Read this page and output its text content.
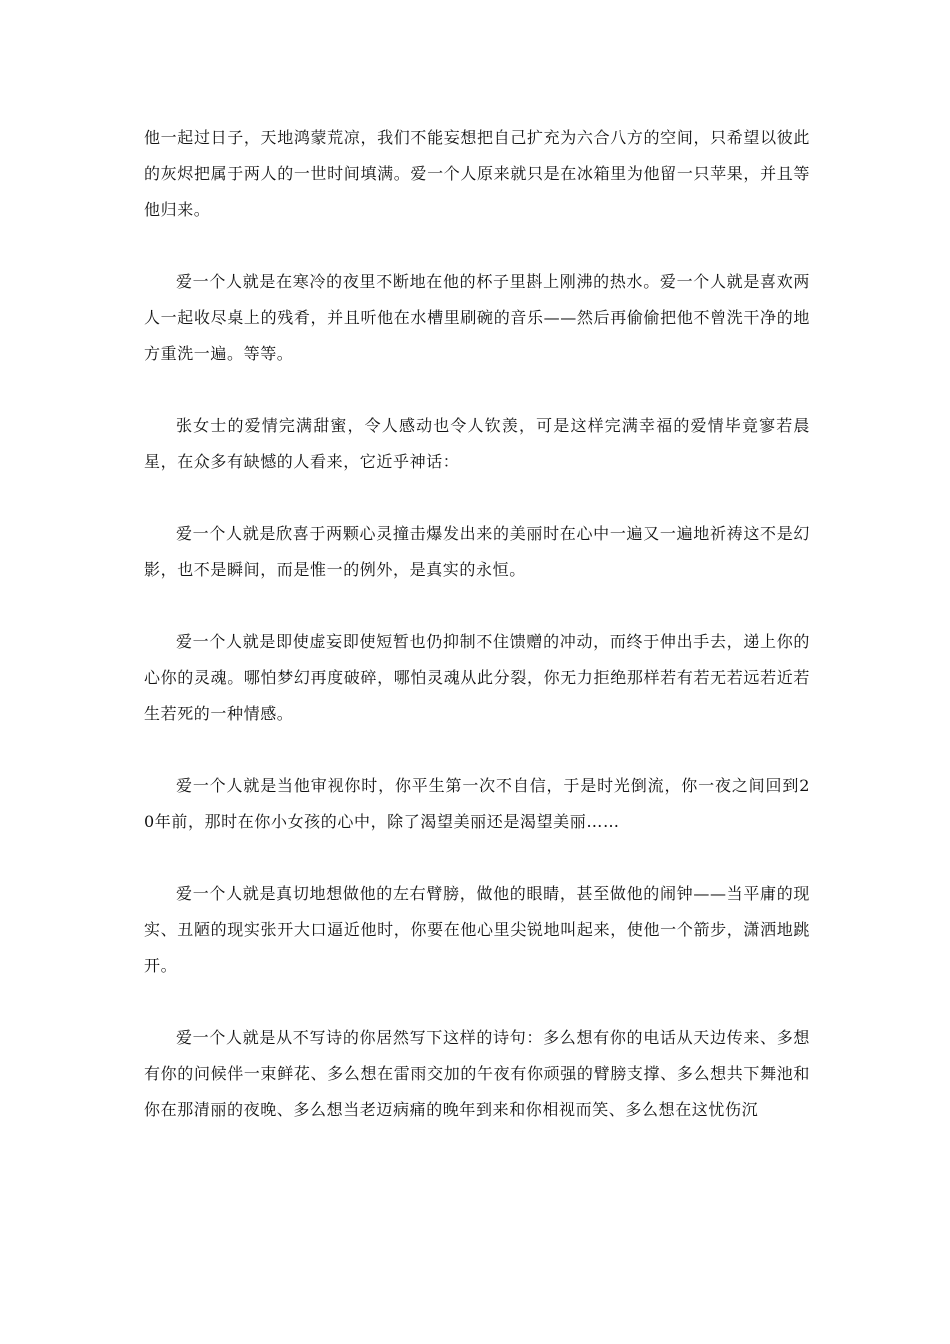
他一起过日子，天地鸿蒙荒凉，我们不能妄想把自己扩充为六合八方的空间，只希望以彼此的灰烬把属于两人的一世时间填满。爱一个人原来就只是在冰箱里为他留一只苹果，并且等他归来。

爱一个人就是在寒冷的夜里不断地在他的杯子里斟上刚沸的热水。爱一个人就是喜欢两人一起收尽桌上的残肴，并且听他在水槽里刷碗的音乐——然后再偷偷把他不曾洗干净的地方重洗一遍。等等。

张女士的爱情完满甜蜜，令人感动也令人钦羡，可是这样完满幸福的爱情毕竟寥若晨星，在众多有缺憾的人看来，它近乎神话：

爱一个人就是欣喜于两颗心灵撞击爆发出来的美丽时在心中一遍又一遍地祈祷这不是幻影，也不是瞬间，而是惟一的例外，是真实的永恒。

爱一个人就是即使虚妄即使短暂也仍抑制不住馈赠的冲动，而终于伸出手去，递上你的心你的灵魂。哪怕梦幻再度破碎，哪怕灵魂从此分裂，你无力拒绝那样若有若无若远若近若生若死的一种情感。

爱一个人就是当他审视你时，你平生第一次不自信，于是时光倒流，你一夜之间回到20年前，那时在你小女孩的心中，除了渴望美丽还是渴望美丽……

爱一个人就是真切地想做他的左右臂膀，做他的眼睛，甚至做他的闹钟——当平庸的现实、丑陋的现实张开大口逼近他时，你要在他心里尖锐地叫起来，使他一个箭步，潇洒地跳开。

爱一个人就是从不写诗的你居然写下这样的诗句：多么想有你的电话从天边传来、多想有你的问候伴一束鲜花、多么想在雷雨交加的午夜有你顽强的臂膀支撑、多么想共下舞池和你在那清丽的夜晚、多么想当老迈病痛的晚年到来和你相视而笑、多么想在这忧伤沉
